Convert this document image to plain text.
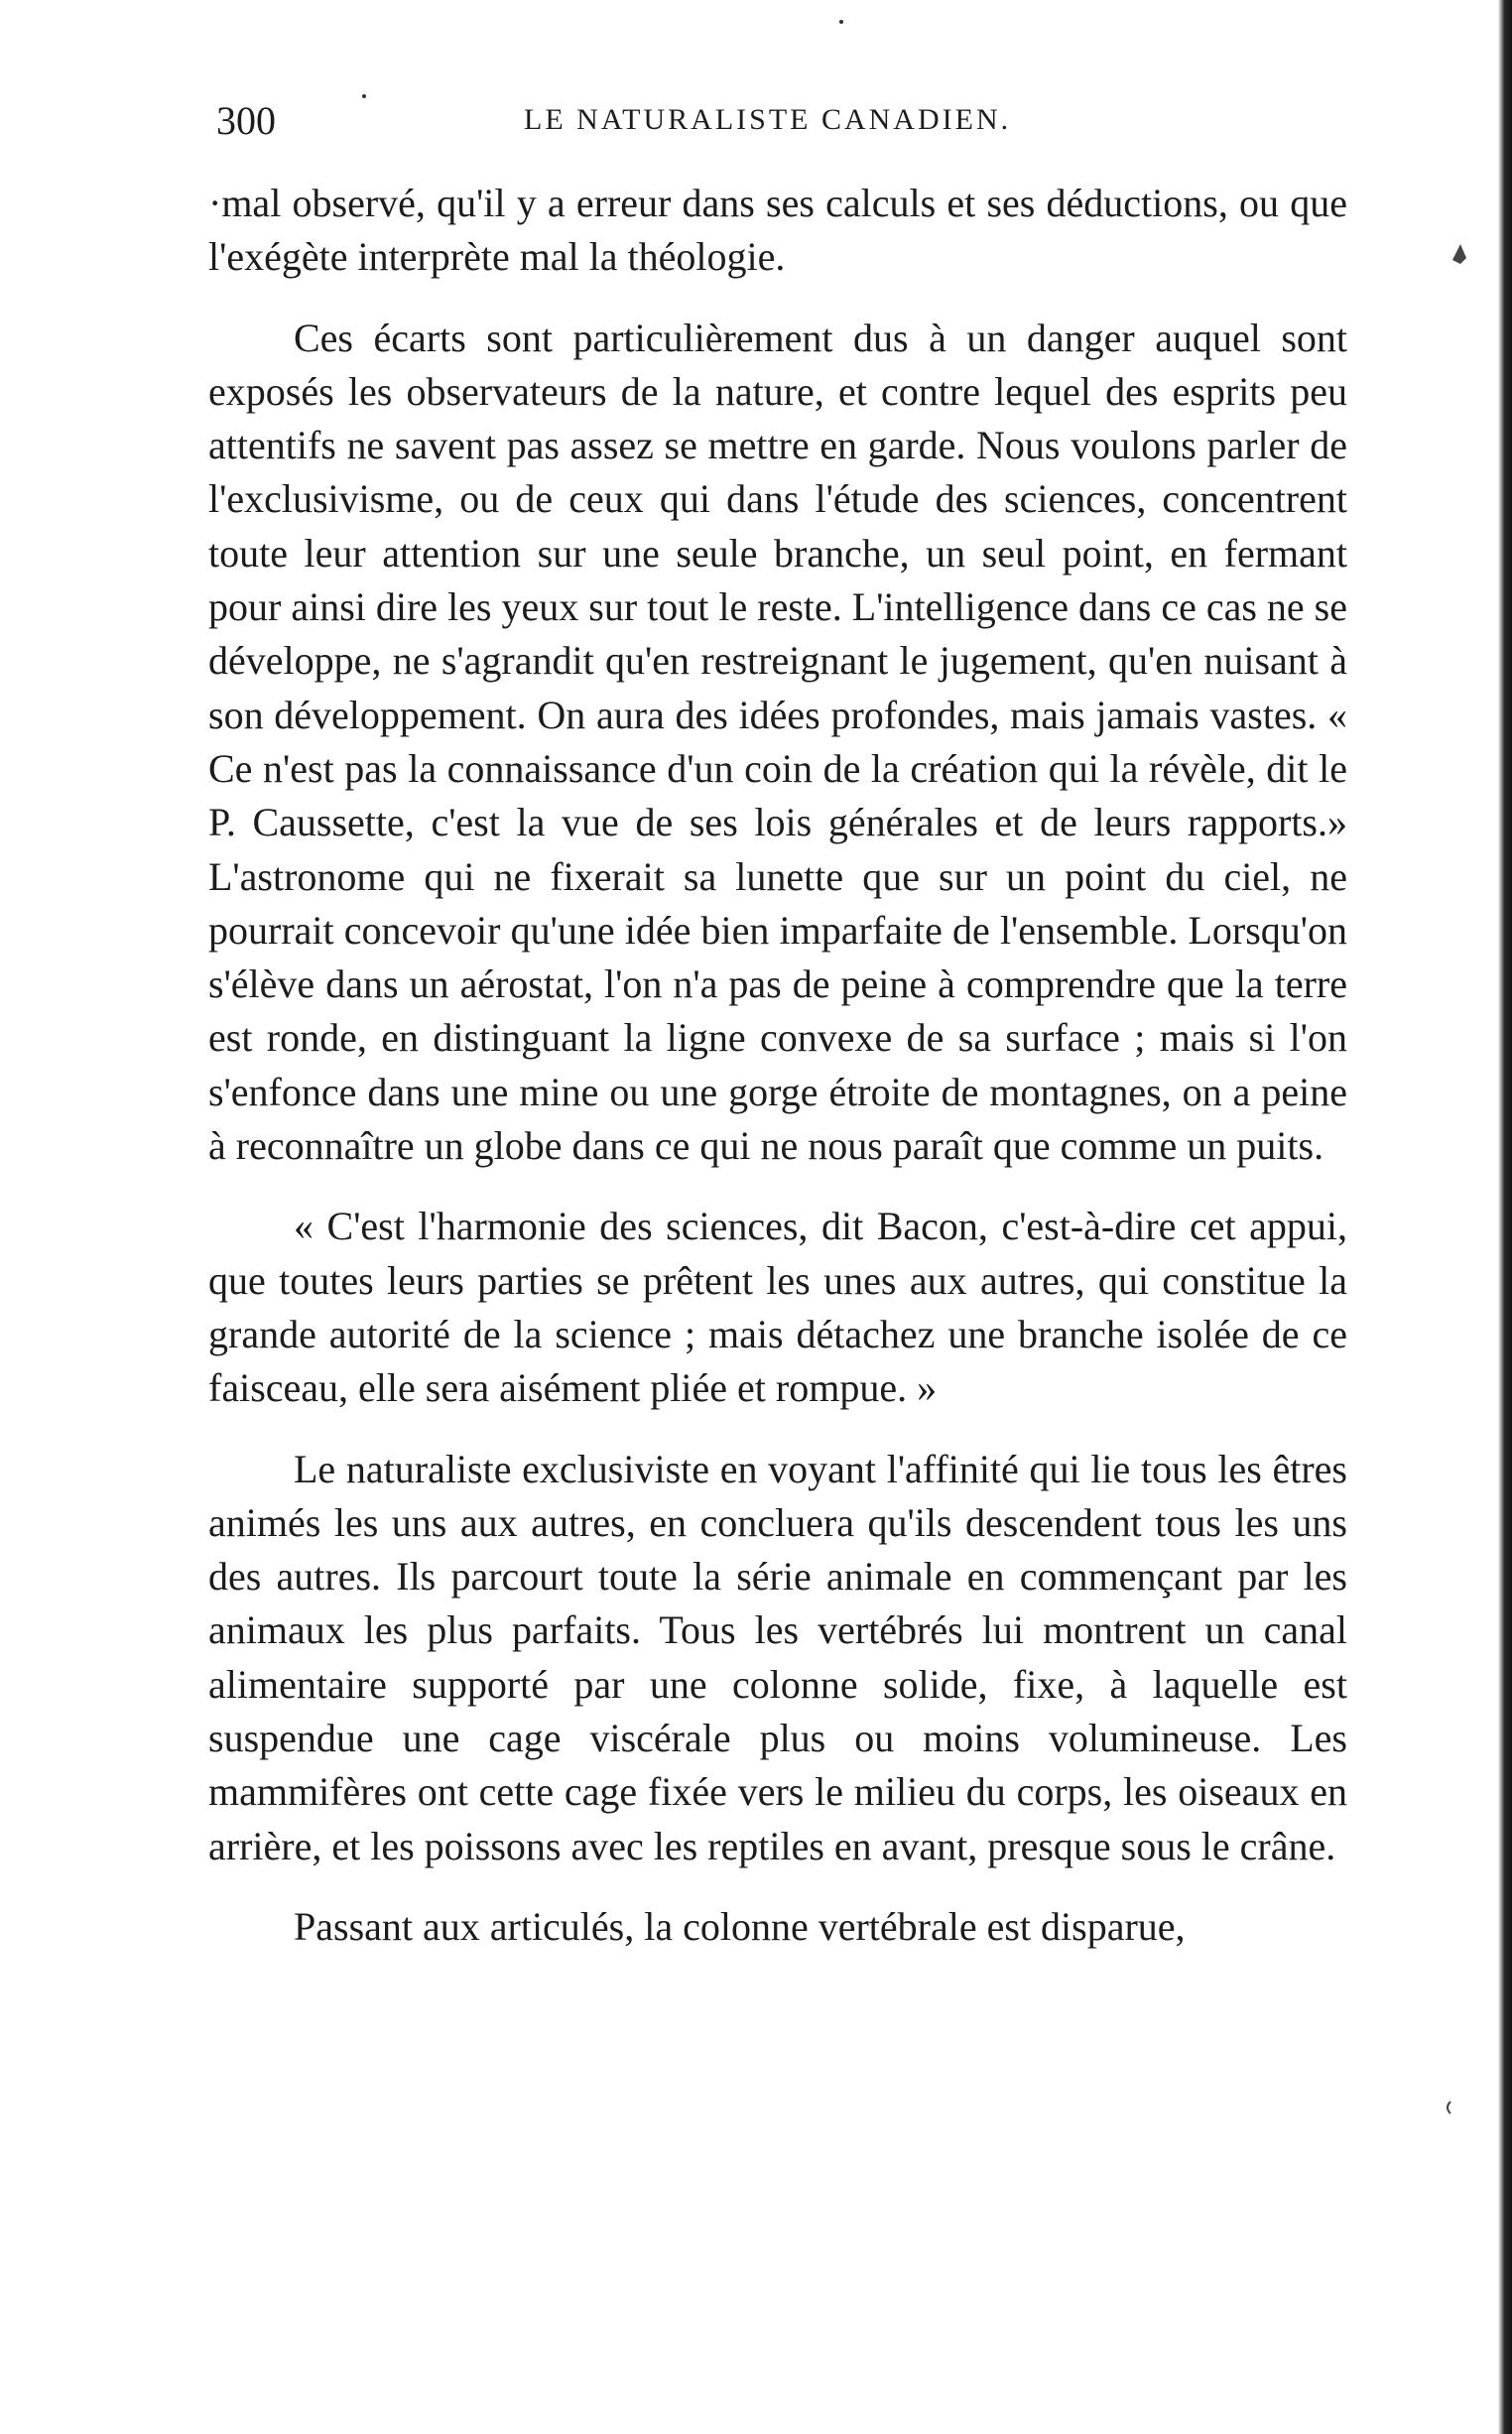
300	LE NATURALISTE CANADIEN.

·mal observé, qu'il y a erreur dans ses calculs et ses déductions, ou que l'exégète interprète mal la théologie.

Ces écarts sont particulièrement dus à un danger auquel sont exposés les observateurs de la nature, et contre lequel des esprits peu attentifs ne savent pas assez se mettre en garde. Nous voulons parler de l'exclusivisme, ou de ceux qui dans l'étude des sciences, concentrent toute leur attention sur une seule branche, un seul point, en fermant pour ainsi dire les yeux sur tout le reste. L'intelligence dans ce cas ne se développe, ne s'agrandit qu'en restreignant le jugement, qu'en nuisant à son développement. On aura des idées profondes, mais jamais vastes. « Ce n'est pas la connaissance d'un coin de la création qui la révèle, dit le P. Caussette, c'est la vue de ses lois générales et de leurs rapports.» L'astronome qui ne fixerait sa lunette que sur un point du ciel, ne pourrait concevoir qu'une idée bien imparfaite de l'ensemble. Lorsqu'on s'élève dans un aérostat, l'on n'a pas de peine à comprendre que la terre est ronde, en distinguant la ligne convexe de sa surface ; mais si l'on s'enfonce dans une mine ou une gorge étroite de montagnes, on a peine à reconnaître un globe dans ce qui ne nous paraît que comme un puits.

« C'est l'harmonie des sciences, dit Bacon, c'est-à-dire cet appui, que toutes leurs parties se prêtent les unes aux autres, qui constitue la grande autorité de la science ; mais détachez une branche isolée de ce faisceau, elle sera aisément pliée et rompue. »

Le naturaliste exclusiviste en voyant l'affinité qui lie tous les êtres animés les uns aux autres, en concluera qu'ils descendent tous les uns des autres. Ils parcourt toute la série animale en commençant par les animaux les plus parfaits. Tous les vertébrés lui montrent un canal alimentaire supporté par une colonne solide, fixe, à laquelle est suspendue une cage viscérale plus ou moins volumineuse. Les mammifères ont cette cage fixée vers le milieu du corps, les oiseaux en arrière, et les poissons avec les reptiles en avant, presque sous le crâne.

Passant aux articulés, la colonne vertébrale est disparue,
